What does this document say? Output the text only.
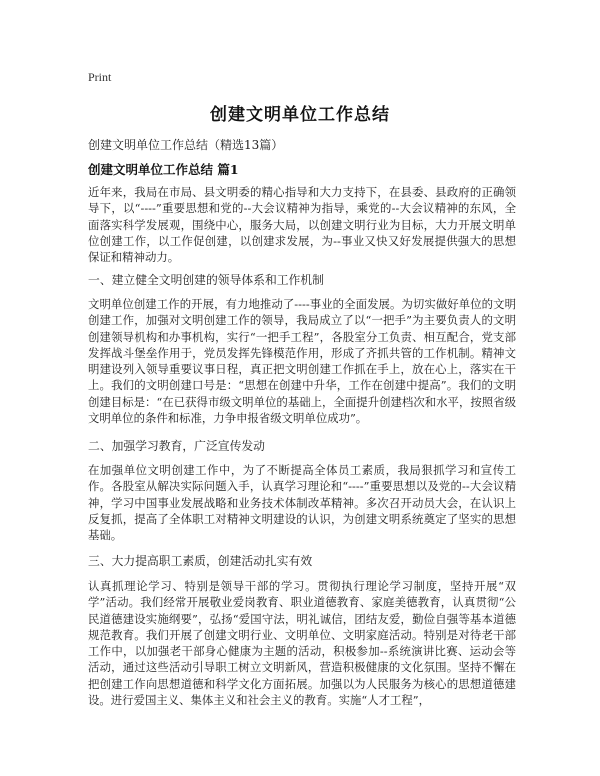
Print
创建文明单位工作总结
创建文明单位工作总结（精选13篇）
创建文明单位工作总结 篇1
近年来，我局在市局、县文明委的精心指导和大力支持下，在县委、县政府的正确领导下，以“----”重要思想和党的--大会议精神为指导，乘党的--大会议精神的东风，全面落实科学发展观，围绕中心，服务大局，以创建文明行业为目标，大力开展文明单位创建工作，以工作促创建，以创建求发展，为--事业又快又好发展提供强大的思想保证和精神动力。
一、建立健全文明创建的领导体系和工作机制
文明单位创建工作的开展，有力地推动了----事业的全面发展。为切实做好单位的文明创建工作，加强对文明创建工作的领导，我局成立了以“一把手”为主要负责人的文明创建领导机构和办事机构，实行“一把手工程”，各股室分工负责、相互配合，党支部发挥战斗堡垒作用于，党员发挥先锋模范作用，形成了齐抓共管的工作机制。精神文明建设列入领导重要议事日程，真正把文明创建工作抓在手上，放在心上，落实在干上。我们的文明创建口号是：“思想在创建中升华，工作在创建中提高”。我们的文明创建目标是：“在已获得市级文明单位的基础上，全面提升创建档次和水平，按照省级文明单位的条件和标准，力争申报省级文明单位成功”。
二、加强学习教育，广泛宣传发动
在加强单位文明创建工作中，为了不断提高全体员工素质，我局狠抓学习和宣传工作。各股室从解决实际问题入手，认真学习理论和“----”重要思想以及党的--大会议精神，学习中国事业发展战略和业务技术体制改革精神。多次召开动员大会，在认识上反复抓，提高了全体职工对精神文明建设的认识，为创建文明系统奠定了坚实的思想基础。
三、大力提高职工素质，创建活动扎实有效
认真抓理论学习、特别是领导干部的学习。贯彻执行理论学习制度，坚持开展“双学”活动。我们经常开展敬业爱岗教育、职业道德教育、家庭美德教育，认真贯彻“公民道德建设实施纲要”，弘扬“爱国守法，明礼诚信，团结友爱，勤俭自强等基本道德规范教育。我们开展了创建文明行业、文明单位、文明家庭活动。特别是对待老干部工作中，以加强老干部身心健康为主题的活动，积极参加--系统演讲比赛、运动会等活动，通过这些活动引导职工树立文明新风，营造积极健康的文化氛围。坚持不懈在把创建工作向思想道德和科学文化方面拓展。加强以为人民服务为核心的思想道德建设。进行爱国主义、集体主义和社会主义的教育。实施“人才工程”，
